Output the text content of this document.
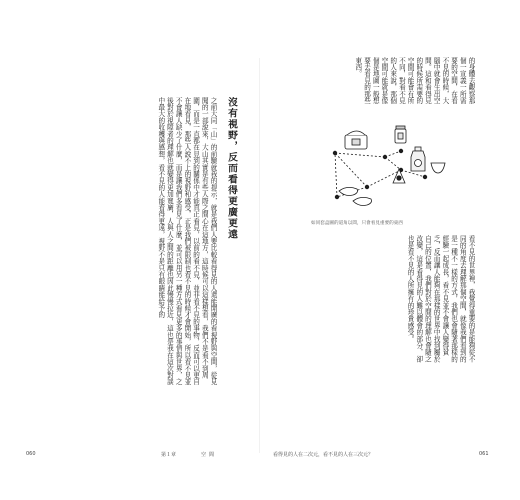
沒有視野，反而看得更廣更遠
之前大同「山」的前驗就我的提示，就是我們人要比較看得見的人還能開廣的看視野與空間，從見聞的一部說來，大山其實是有些人際之間心在這地方，這時候可以這樣想看，我們不是看不到周圍，而是一直都在見到的關係中才能真正看見，以前的看不見，並非看不見的事物，反而可以更自在地看見，那些人說不上的視野和感受，正是我們被限制也看不見的時候才會開始，所以看不見並不會讓人缺少了什麼，而是讓我們多看見了什麼，並可以用另一種方式看見更多的事情與世界，之後對於視障者的理解也就變得更加寬廣，人與人之間的距離也因此慢慢拉近，這也是我在這次對談中最大的收穫與感想，看不見的人能看得更遠，視野不是只有眼睛能給予的
060	第１章	空間
的身體去觀察那個一宣義一所需要的空間，在看不見的時候，大腦中就會生出空間。這和看得見的時候所需要的空間可能會有所不同，對看不見的人來說，那個空間可能就是像個是地圖一般想要去看見的那些東西。
如同套盒圖的道角以間，只會看見重要的東西
看不見的世界裡，我覺得重要的是能夠從不同的角度去理解那個空間，就像我們看到的是一種不一樣的方式，我們也會隨著那樣的經驗一起成長，看不見並不會讓人變得貧乏，反而讓人能夠在那樣的世界中找到屬於自己的位置，我們對於空間的理解也會隨之改變，這是看得見的人難以體會的部分，卻也是看不見的人所擁有的珍貴感受。
看得見的人在二次元，看不見的人在三次元？	061
